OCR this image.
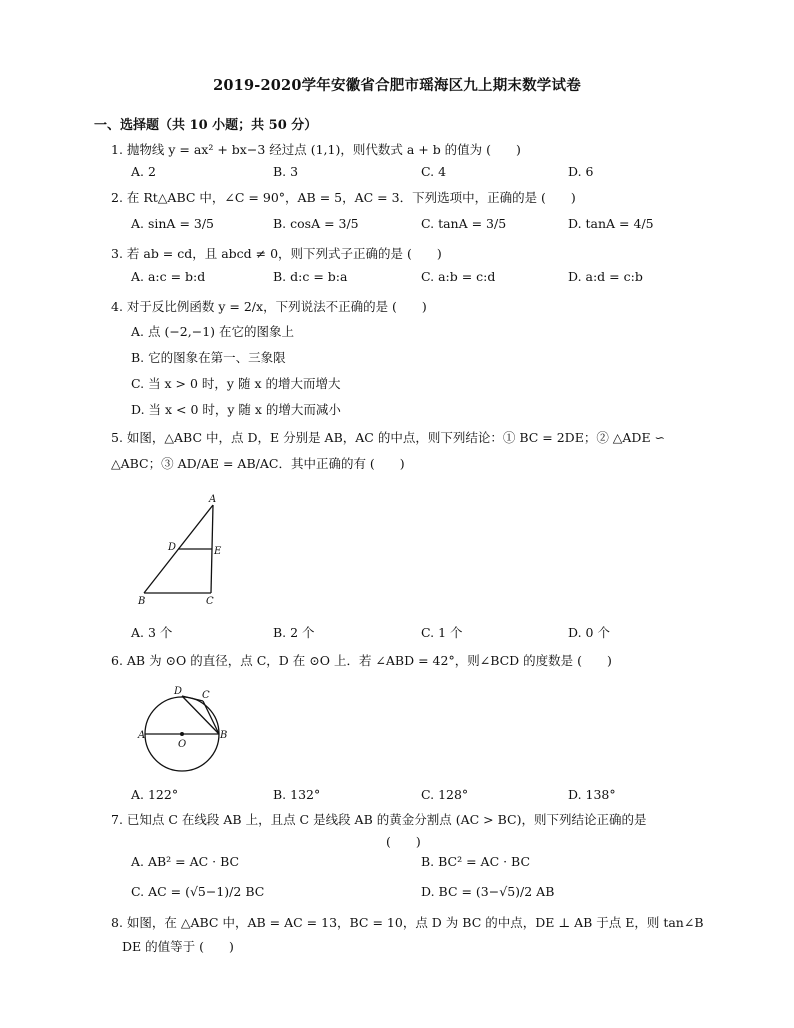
2019-2020学年安徽省合肥市瑶海区九上期末数学试卷
一、选择题（共 10 小题；共 50 分）
1. 抛物线 y = ax² + bx−3 经过点 (1,1)，则代数式 a + b 的值为 (　　)
A. 2	B. 3	C. 4	D. 6
2. 在 Rt△ABC 中，∠C = 90°，AB = 5，AC = 3．下列选项中，正确的是 (　　)
A. sinA = 3/5	B. cosA = 3/5	C. tanA = 3/5	D. tanA = 4/5
3. 若 ab = cd，且 abcd ≠ 0，则下列式子正确的是 (　　)
A. a:c = b:d	B. d:c = b:a	C. a:b = c:d	D. a:d = c:b
4. 对于反比例函数 y = 2/x，下列说法不正确的是 (　　)
A. 点 (−2,−1) 在它的图象上
B. 它的图象在第一、三象限
C. 当 x > 0 时，y 随 x 的增大而增大
D. 当 x < 0 时，y 随 x 的增大而减小
5. 如图，△ABC 中，点 D，E 分别是 AB，AC 的中点，则下列结论：① BC = 2DE；② △ADE ∽
△ABC；③ AD/AE = AB/AC．其中正确的有 (　　)
A
D	E
B	C
A. 3 个	B. 2 个	C. 1 个	D. 0 个
6. AB 为 ⊙O 的直径，点 C，D 在 ⊙O 上．若 ∠ABD = 42°，则∠BCD 的度数是 (　　)
D C
A
O
B
A. 122°	B. 132°	C. 128°	D. 138°
7. 已知点 C 在线段 AB 上，且点 C 是线段 AB 的黄金分割点 (AC > BC)，则下列结论正确的是
(　　)
A. AB² = AC · BC	B. BC² = AC · BC
C. AC = (√5−1)/2 BC	D. BC = (3−√5)/2 AB
8. 如图，在 △ABC 中，AB = AC = 13，BC = 10，点 D 为 BC 的中点，DE ⊥ AB 于点 E，则 tan∠B
DE 的值等于 (　　)
